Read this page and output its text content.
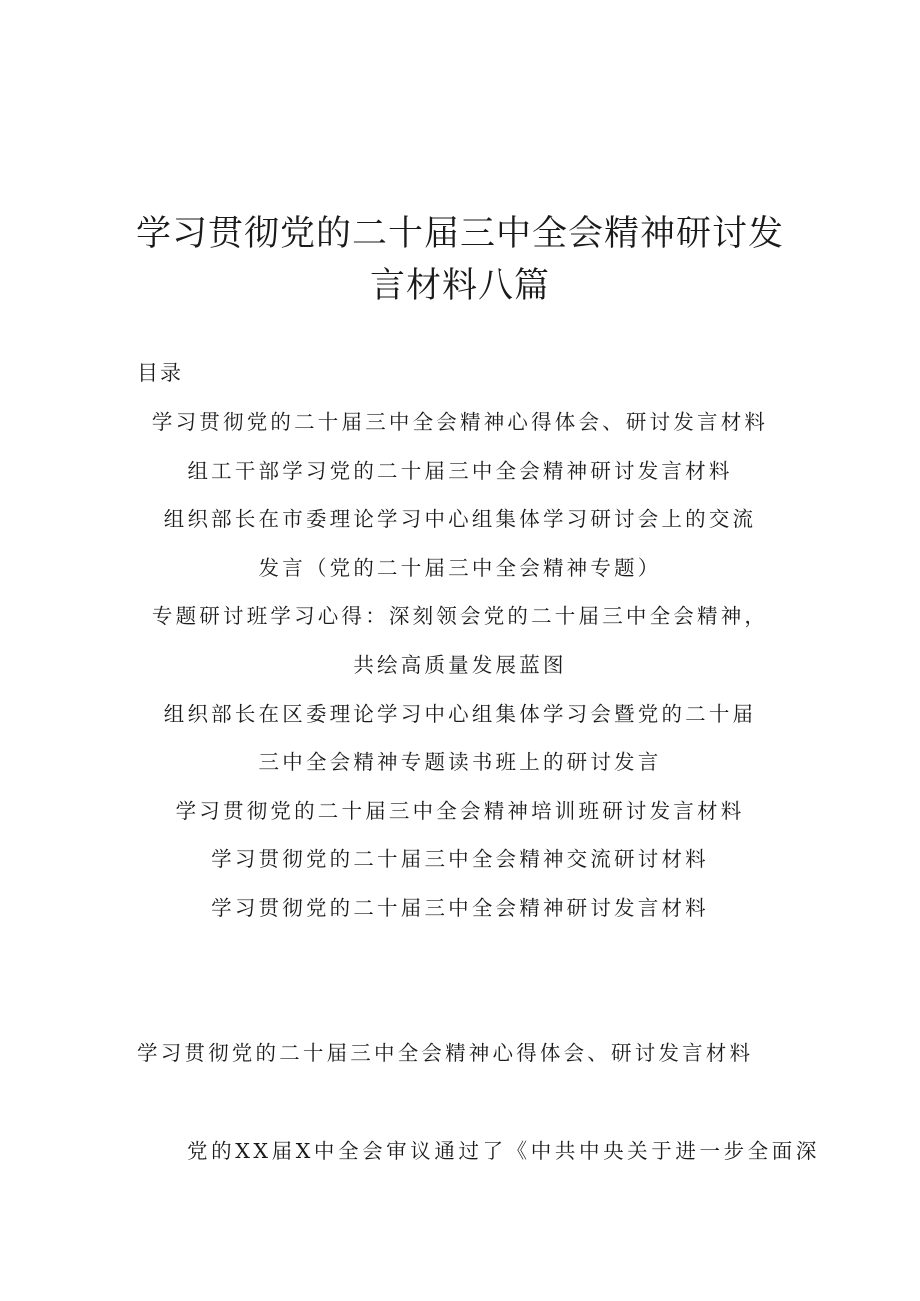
学习贯彻党的二十届三中全会精神研讨发
言材料八篇
目录
学习贯彻党的二十届三中全会精神心得体会、研讨发言材料
组工干部学习党的二十届三中全会精神研讨发言材料
组织部长在市委理论学习中心组集体学习研讨会上的交流
发言（党的二十届三中全会精神专题）
专题研讨班学习心得：深刻领会党的二十届三中全会精神，
共绘高质量发展蓝图
组织部长在区委理论学习中心组集体学习会暨党的二十届
三中全会精神专题读书班上的研讨发言
学习贯彻党的二十届三中全会精神培训班研讨发言材料
学习贯彻党的二十届三中全会精神交流研讨材料
学习贯彻党的二十届三中全会精神研讨发言材料
学习贯彻党的二十届三中全会精神心得体会、研讨发言材料

党的XX届X中全会审议通过了《中共中央关于进一步全面深
